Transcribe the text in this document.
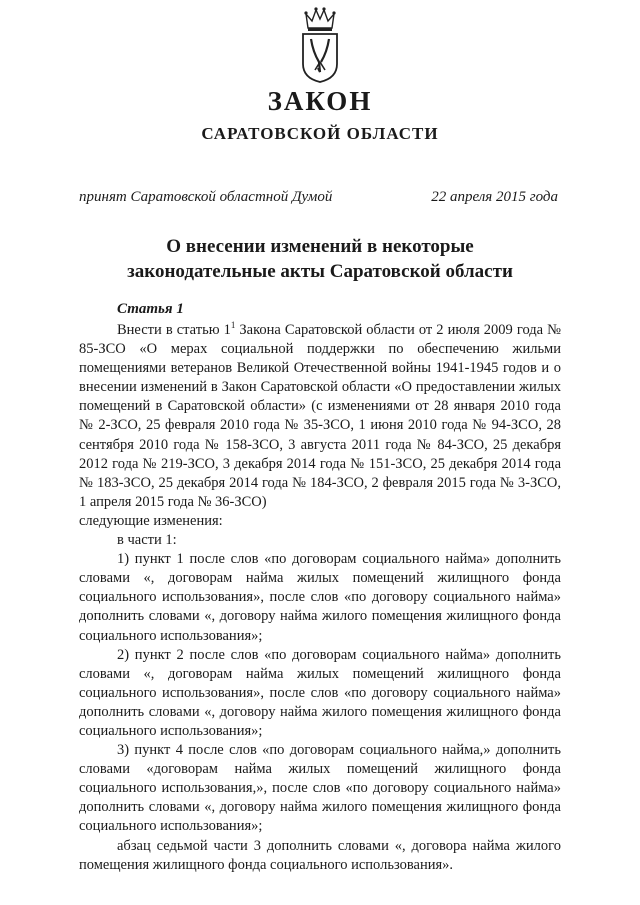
ЗАКОН
САРАТОВСКОЙ ОБЛАСТИ
принят Саратовской областной Думой	22 апреля 2015 года
О внесении изменений в некоторые
законодательные акты Саратовской области
Статья 1

Внести в статью $1^1$ Закона Саратовской области от 2 июля 2009 года № 85-ЗСО «О мерах социальной поддержки по обеспечению жильми помещениями ветеранов Великой Отечественной войны 1941-1945 годов и о внесении изменений в Закон Саратовской области «О предоставлении жилых помещений в Саратовской области» (с изменениями от 28 января 2010 года № 2-ЗСО, 25 февраля 2010 года № 35-ЗСО, 1 июня 2010 года № 94-ЗСО, 28 сентября 2010 года № 158-ЗСО, 3 августа 2011 года № 84-ЗСО, 25 декабря 2012 года № 219-ЗСО, 3 декабря 2014 года № 151-ЗСО, 25 декабря 2014 года № 183-ЗСО, 25 декабря 2014 года № 184-ЗСО, 2 февраля 2015 года № 3-ЗСО, 1 апреля 2015 года № 36-ЗСО)

следующие изменения:

в части 1:

1) пункт 1 после слов «по договорам социального найма» дополнить словами «, договорам найма жилых помещений жилищного фонда социального использования», после слов «по договору социального найма» дополнить словами «, договору найма жилого помещения жилищного фонда социального использования»;

2) пункт 2 после слов «по договорам социального найма» дополнить словами «, договорам найма жилых помещений жилищного фонда социального использования», после слов «по договору социального найма» дополнить словами «, договору найма жилого помещения жилищного фонда социального использования»;

3) пункт 4 после слов «по договорам социального найма,» дополнить словами «договорам найма жилых помещений жилищного фонда социального использования,», после слов «по договору социального найма» дополнить словами «, договору найма жилого помещения жилищного фонда социального использования»;

абзац седьмой части 3 дополнить словами «, договора найма жилого помещения жилищного фонда социального использования».
